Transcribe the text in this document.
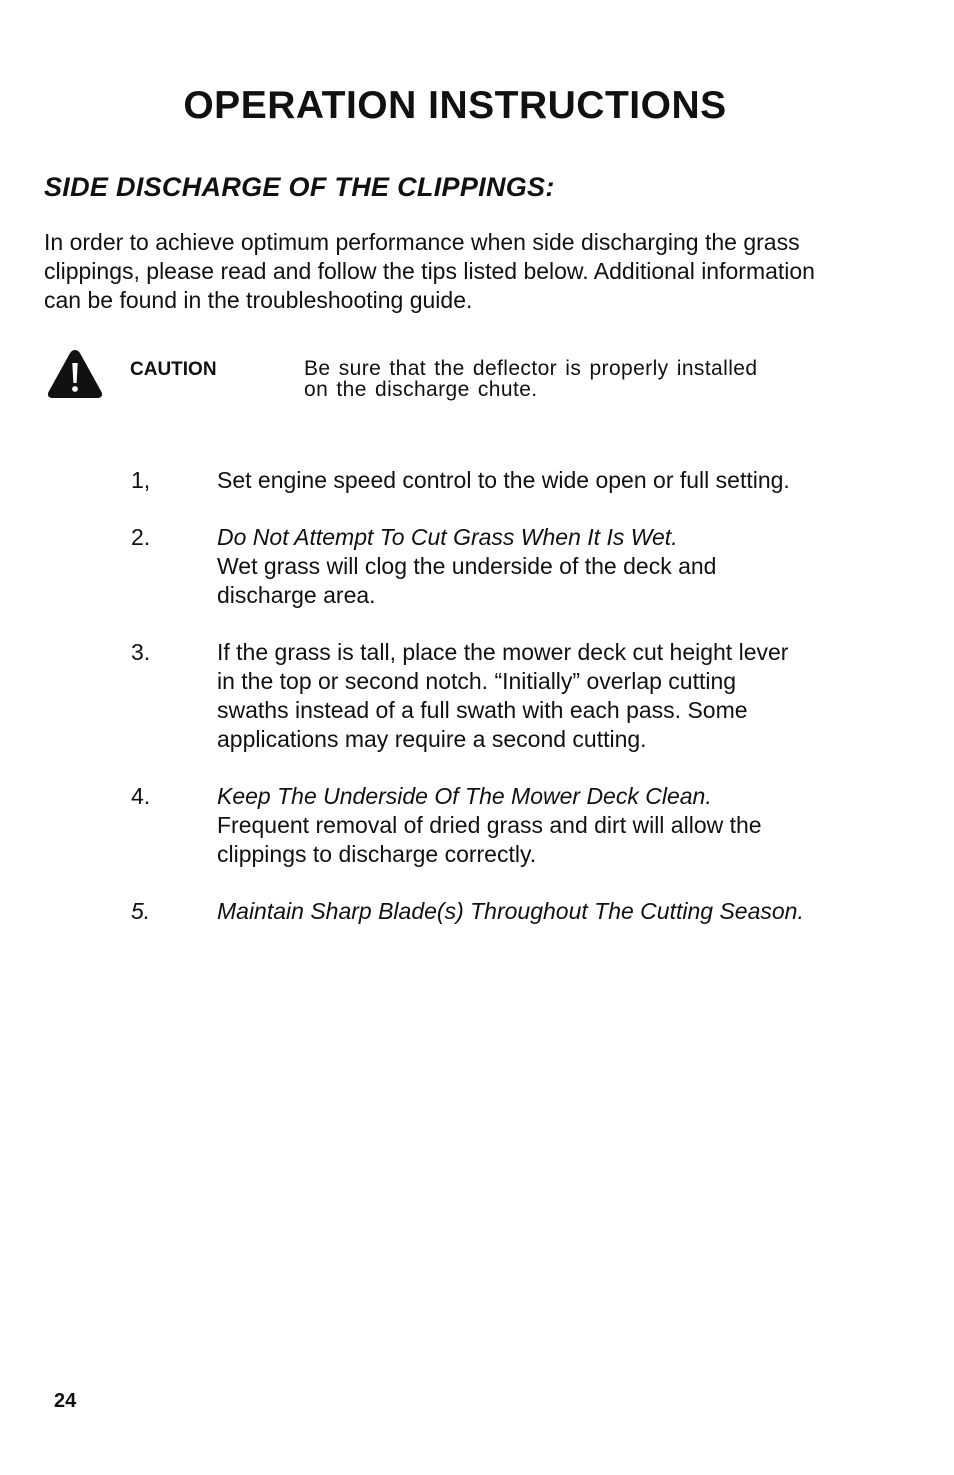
OPERATION INSTRUCTIONS
SIDE DISCHARGE OF THE CLIPPINGS:

In order to achieve optimum performance when side discharging the grass clippings, please read and follow the tips listed below. Additional information can be found in the troubleshooting guide.

CAUTION	Be sure that the deflector is properly installed on the discharge chute.

1,	Set engine speed control to the wide open or full setting.
2.	Do Not Attempt To Cut Grass When It Is Wet.
Wet grass will clog the underside of the deck and discharge area.
3.	If the grass is tall, place the mower deck cut height lever in the top or second notch. “Initially” overlap cutting swaths instead of a full swath with each pass. Some applications may require a second cutting.
4.	Keep The Underside Of The Mower Deck Clean.
Frequent removal of dried grass and dirt will allow the clippings to discharge correctly.
5.	Maintain Sharp Blade(s) Throughout The Cutting Season.
24
